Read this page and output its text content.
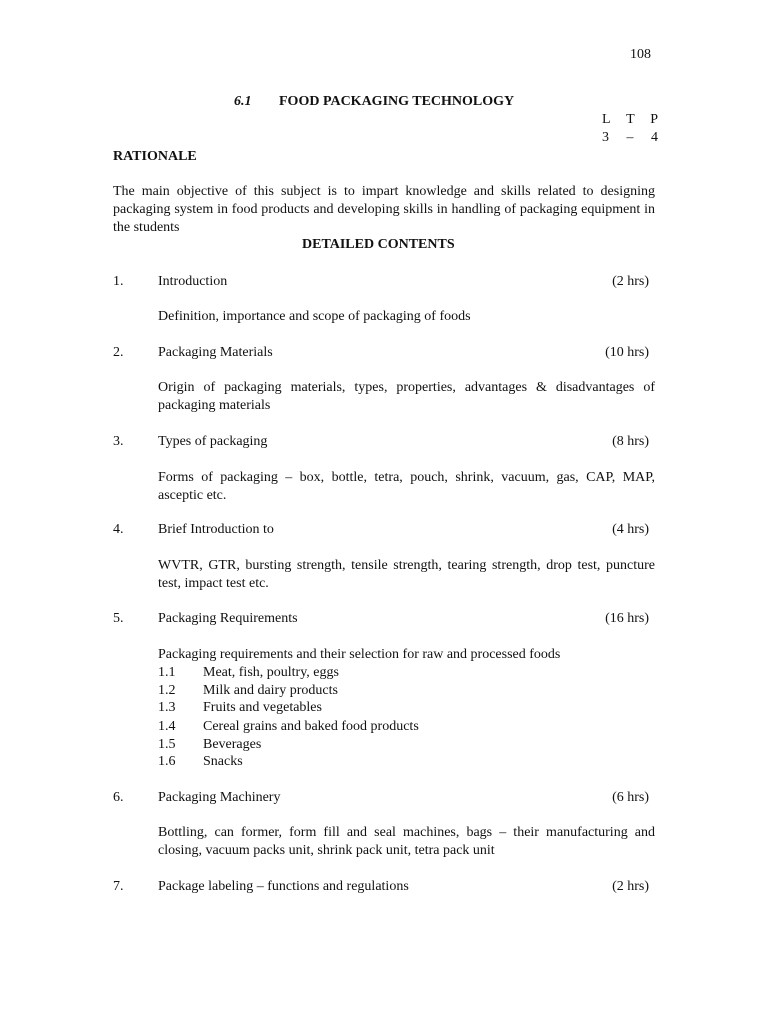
108
6.1 FOOD PACKAGING TECHNOLOGY
L T P
3 – 4
RATIONALE
The main objective of this subject is to impart knowledge and skills related to designing packaging system in food products and developing skills in handling of packaging equipment in the students
DETAILED CONTENTS
1. Introduction	(2 hrs)
Definition, importance and scope of packaging of foods
2. Packaging Materials	(10 hrs)
Origin of packaging materials, types, properties, advantages & disadvantages of packaging materials
3. Types of packaging	(8 hrs)
Forms of packaging – box, bottle, tetra, pouch, shrink, vacuum, gas, CAP, MAP, asceptic etc.
4. Brief Introduction to	(4 hrs)
WVTR, GTR, bursting strength, tensile strength, tearing strength, drop test, puncture test, impact test etc.
5. Packaging Requirements	(16 hrs)
Packaging requirements and their selection for raw and processed foods
1.1 Meat, fish, poultry, eggs
1.2 Milk and dairy products
1.3 Fruits and vegetables
1.4 Cereal grains and baked food products
1.5 Beverages
1.6 Snacks
6. Packaging Machinery	(6 hrs)
Bottling, can former, form fill and seal machines, bags – their manufacturing and closing, vacuum packs unit, shrink pack unit, tetra pack unit
7. Package labeling – functions and regulations	(2 hrs)
